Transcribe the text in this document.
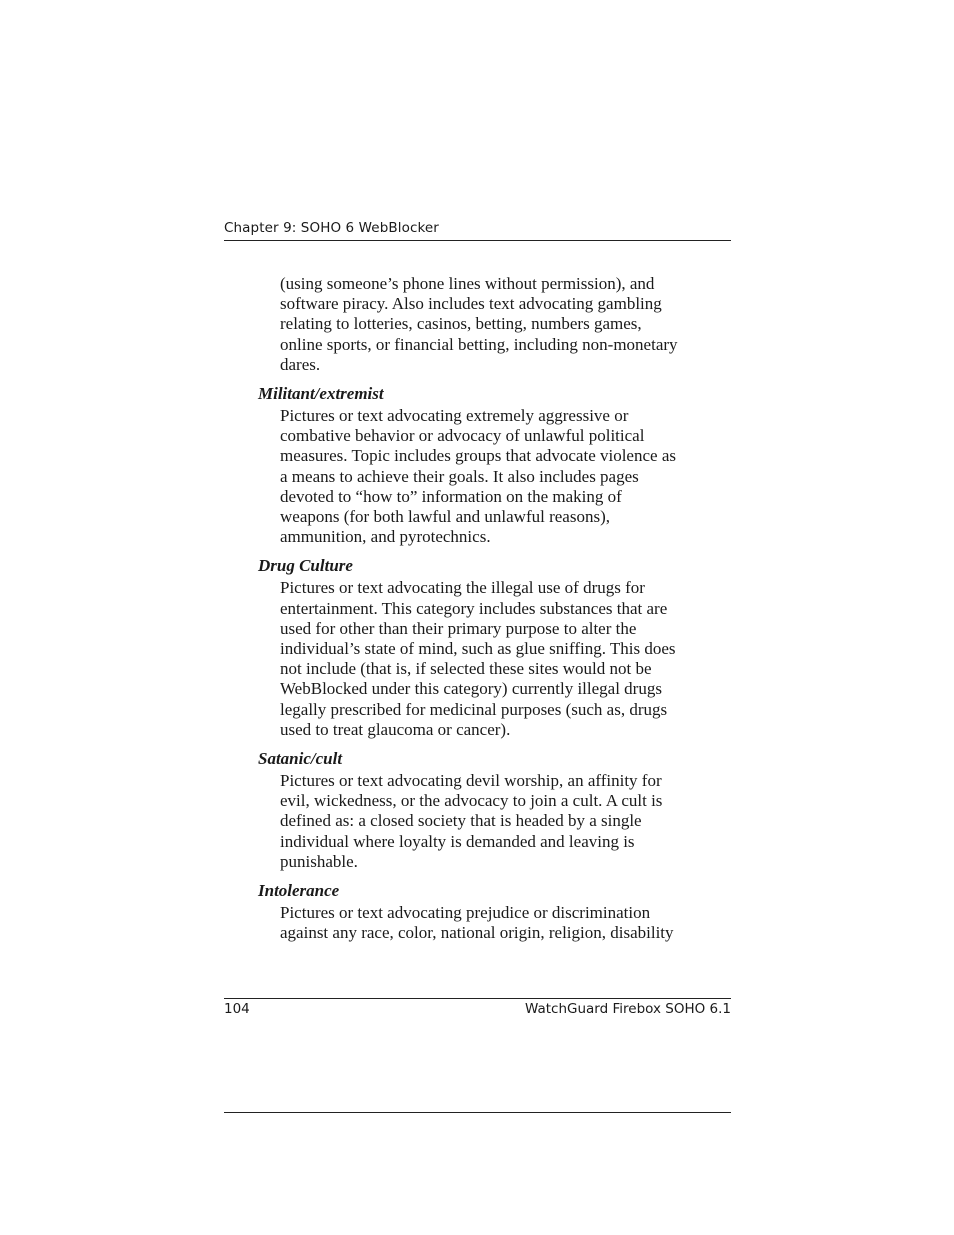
Chapter 9: SOHO 6 WebBlocker

(using someone’s phone lines without permission), and
software piracy. Also includes text advocating gambling
relating to lotteries, casinos, betting, numbers games,
online sports, or financial betting, including non-monetary
dares.

Militant/extremist

Pictures or text advocating extremely aggressive or
combative behavior or advocacy of unlawful political
measures. Topic includes groups that advocate violence as
a means to achieve their goals. It also includes pages
devoted to “how to” information on the making of
weapons (for both lawful and unlawful reasons),
ammunition, and pyrotechnics.

Drug Culture

Pictures or text advocating the illegal use of drugs for
entertainment. This category includes substances that are
used for other than their primary purpose to alter the
individual’s state of mind, such as glue sniffing. This does
not include (that is, if selected these sites would not be
WebBlocked under this category) currently illegal drugs
legally prescribed for medicinal purposes (such as, drugs
used to treat glaucoma or cancer).

Satanic/cult

Pictures or text advocating devil worship, an affinity for
evil, wickedness, or the advocacy to join a cult. A cult is
defined as: a closed society that is headed by a single
individual where loyalty is demanded and leaving is
punishable.

Intolerance

Pictures or text advocating prejudice or discrimination
against any race, color, national origin, religion, disability

104	WatchGuard Firebox SOHO 6.1
